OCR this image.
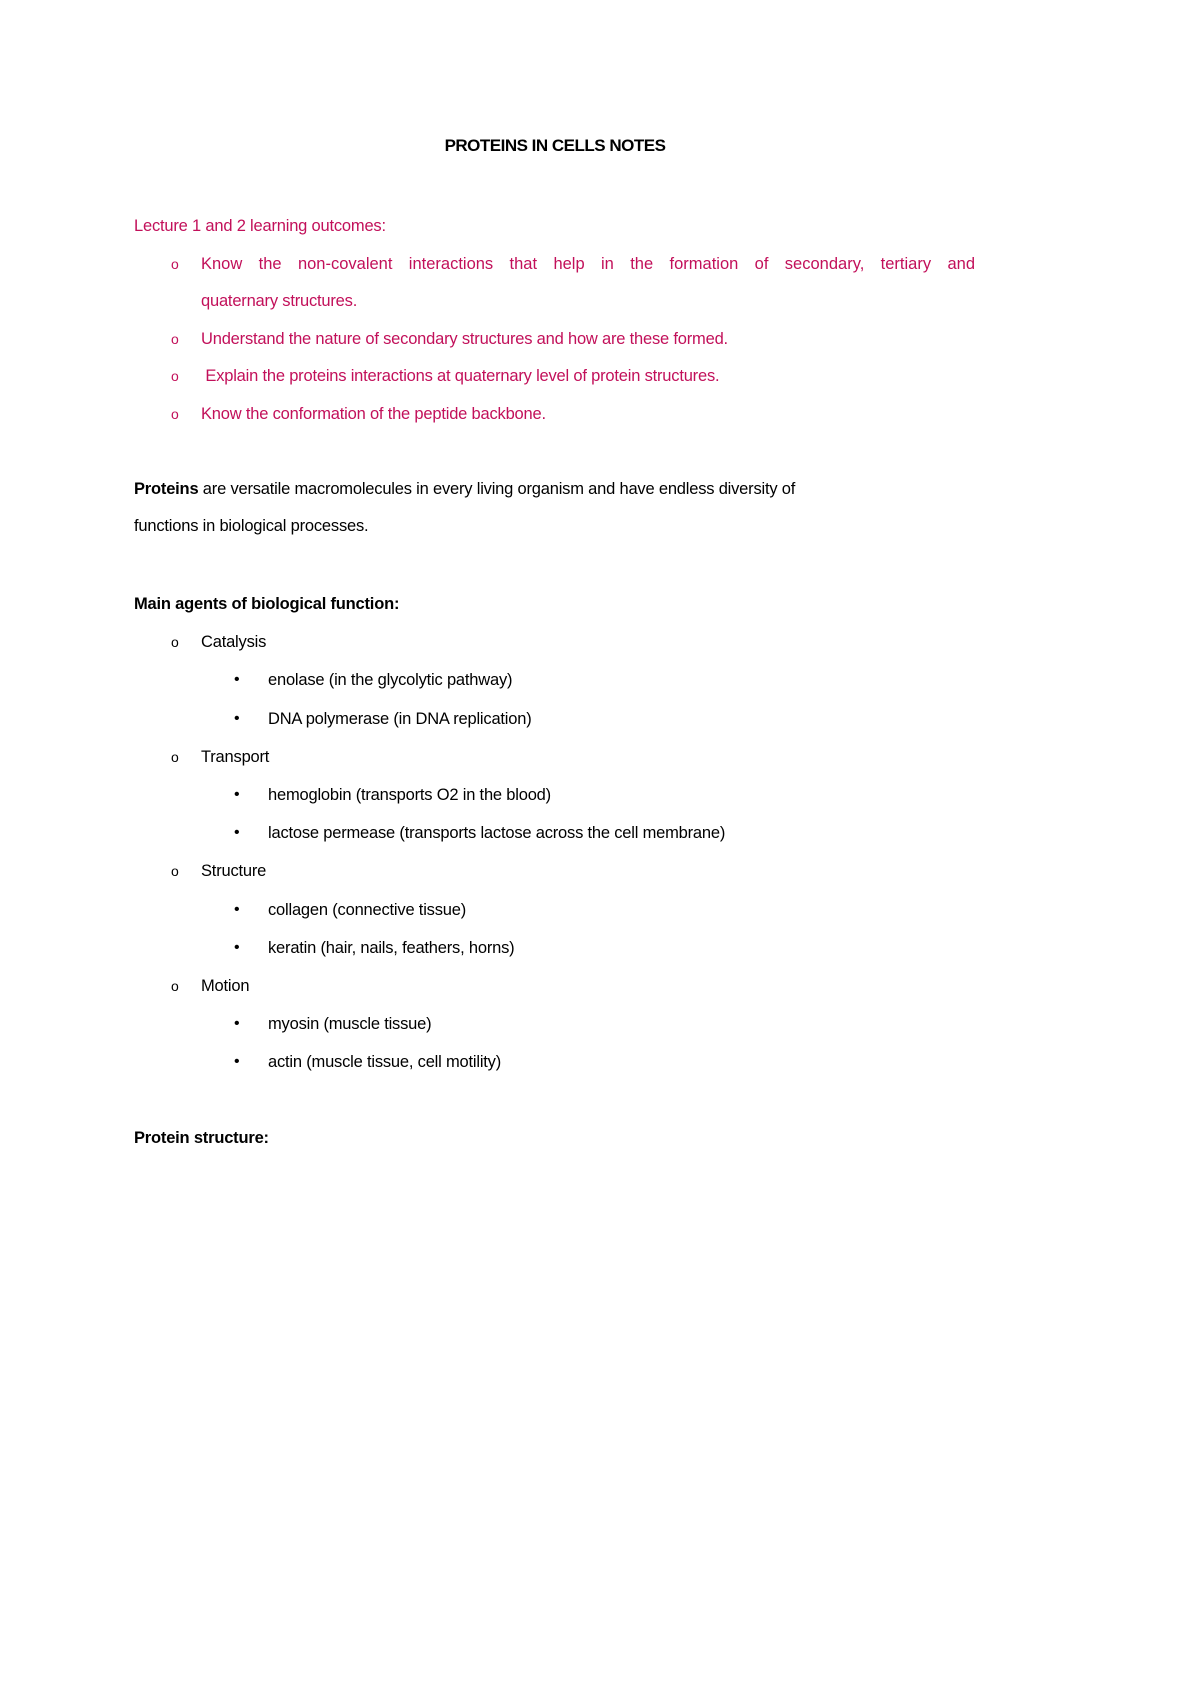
PROTEINS IN CELLS NOTES
Lecture 1 and 2 learning outcomes:
o Know the non-covalent interactions that help in the formation of secondary, tertiary and
quaternary structures.
o Understand the nature of secondary structures and how are these formed.
o Explain the proteins interactions at quaternary level of protein structures.
o Know the conformation of the peptide backbone.
Proteins are versatile macromolecules in every living organism and have endless diversity of
functions in biological processes.
Main agents of biological function:
o Catalysis
• enolase (in the glycolytic pathway)
• DNA polymerase (in DNA replication)
o Transport
• hemoglobin (transports O2 in the blood)
• lactose permease (transports lactose across the cell membrane)
o Structure
• collagen (connective tissue)
• keratin (hair, nails, feathers, horns)
o Motion
• myosin (muscle tissue)
• actin (muscle tissue, cell motility)
Protein structure:
